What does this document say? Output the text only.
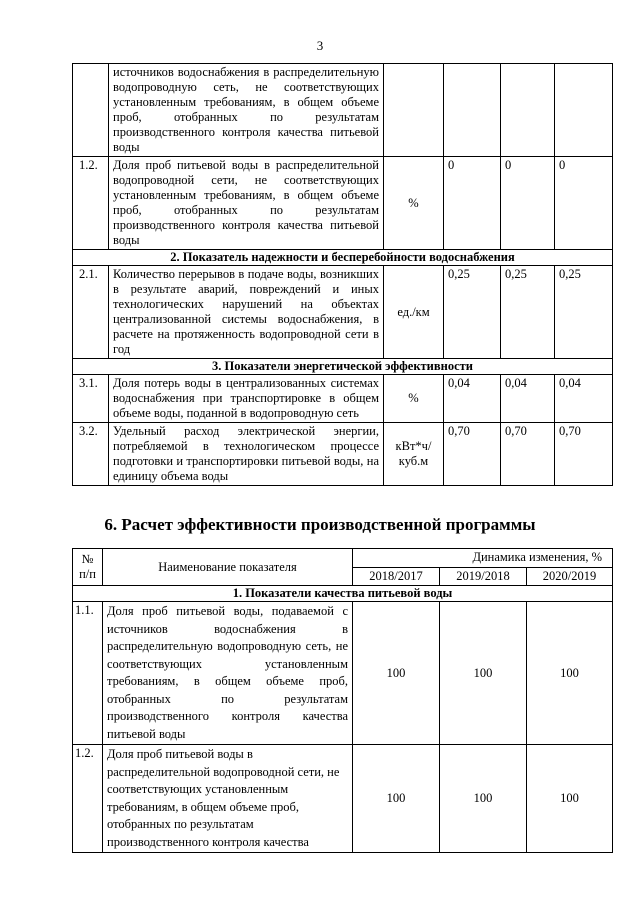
3
	источников водоснабжения в распределительную водопроводную сеть, не соответствующих установленным требованиям, в общем объеме проб, отобранных по результатам производственного контроля качества питьевой воды				
1.2.	Доля проб питьевой воды в распределительной водопроводной сети, не соответствующих установленным требованиям, в общем объеме проб, отобранных по результатам производственного контроля качества питьевой воды	%	0	0	0
2. Показатель надежности и бесперебойности водоснабжения					
2.1.	Количество перерывов в подаче воды, возникших в результате аварий, повреждений и иных технологических нарушений на объектах централизованной системы водоснабжения, в расчете на протяженность водопроводной сети в год	ед./км	0,25	0,25	0,25
3. Показатели энергетической эффективности					
3.1.	Доля потерь воды в централизованных системах водоснабжения при транспортировке в общем объеме воды, поданной в водопроводную сеть	%	0,04	0,04	0,04
3.2.	Удельный расход электрической энергии, потребляемой в технологическом процессе подготовки и транспортировки питьевой воды, на единицу объема воды	кВт*ч/ куб.м	0,70	0,70	0,70
6. Расчет эффективности производственной программы
№ п/п	Наименование показателя	Динамика изменения, %		
		2018/2017	2019/2018	2020/2019
1. Показатели качества питьевой воды				
1.1.	Доля проб питьевой воды, подаваемой с источников водоснабжения в распределительную водопроводную сеть, не соответствующих установленным требованиям, в общем объеме проб, отобранных по результатам производственного контроля качества питьевой воды	100	100	100
1.2.	Доля проб питьевой воды в распределительной водопроводной сети, не соответствующих установленным требованиям, в общем объеме проб, отобранных по результатам производственного контроля качества	100	100	100
